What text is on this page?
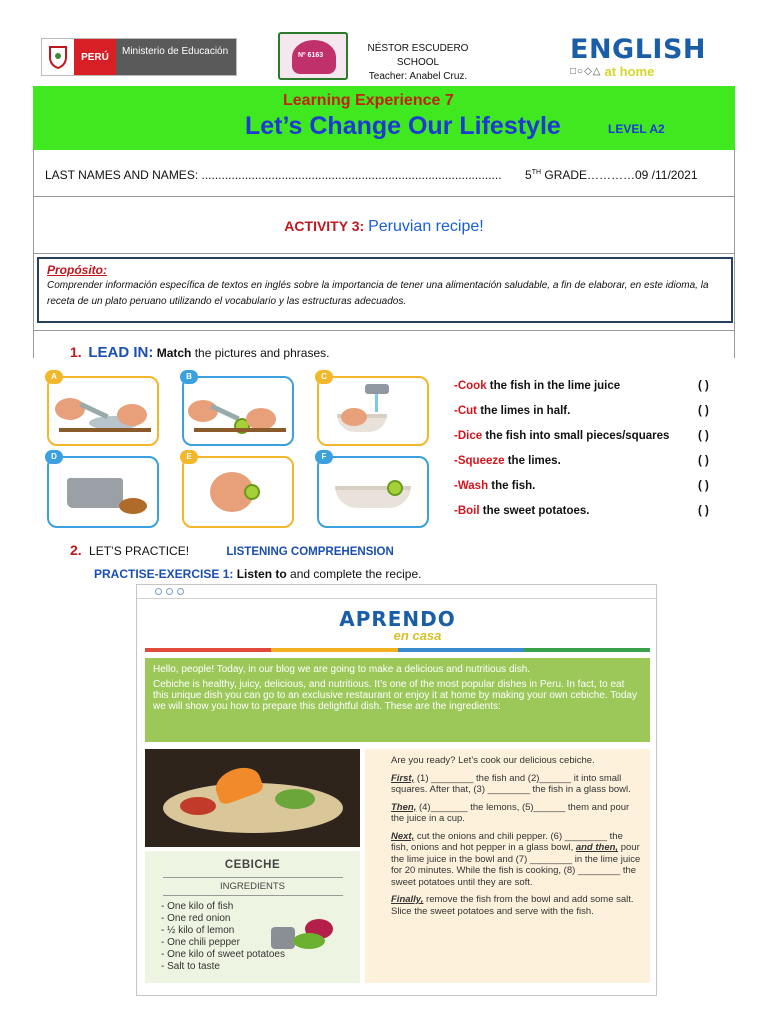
PERÚ	Ministerio de Educación	Nº 6163
NÉSTOR ESCUDERO SCHOOL
Teacher: Anabel Cruz.
ENGLISH
□○◇△ at home
Learning Experience 7
Let’s Change Our Lifestyle	LEVEL A2
LAST NAMES AND NAMES: .......................................................................................... 5TH GRADE………… 09 /11/2021
ACTIVITY 3: Peruvian recipe!
Propósito:
Comprender información específica de textos en inglés sobre la importancia de tener una alimentación saludable, a fin de elaborar, en este idioma, la receta de un plato peruano utilizando el vocabulario y las estructuras adecuados.
1. LEAD IN: Match the pictures and phrases.
A	B	C
D	E	F
-Cook the fish in the lime juice	( )
-Cut the limes in half.	( )
-Dice the fish into small pieces/squares ( )
-Squeeze the limes.	( )
-Wash the fish.	( )
-Boil the sweet potatoes.	( )
2. LET’S PRACTICE!	LISTENING COMPREHENSION
PRACTISE-EXERCISE 1: Listen to and complete the recipe.
APRENDO
en casa

Hello, people! Today, in our blog we are going to make a delicious and nutritious dish.

Cebiche is healthy, juicy, delicious, and nutritious. It’s one of the most popular dishes in Peru. In fact, to eat this unique dish you can go to an exclusive restaurant or enjoy it at home by making your own cebiche. Today we will show you how to prepare this delightful dish. These are the ingredients:

CEBICHE
INGREDIENTS
- One kilo of fish
- One red onion
- ½ kilo of lemon
- One chili pepper
- One kilo of sweet potatoes
- Salt to taste

Are you ready? Let’s cook our delicious cebiche.

First, (1) ________ the fish and (2)______ it into small squares. After that, (3) ________ the fish in a glass bowl.

Then, (4)_______ the lemons, (5)______ them and pour the juice in a cup.

Next, cut the onions and chili pepper. (6) ________ the fish, onions and hot pepper in a glass bowl, and then, pour the lime juice in the bowl and (7) ________ in the lime juice for 20 minutes. While the fish is cooking, (8) ________ the sweet potatoes until they are soft.

Finally, remove the fish from the bowl and add some salt. Slice the sweet potatoes and serve with the fish.
